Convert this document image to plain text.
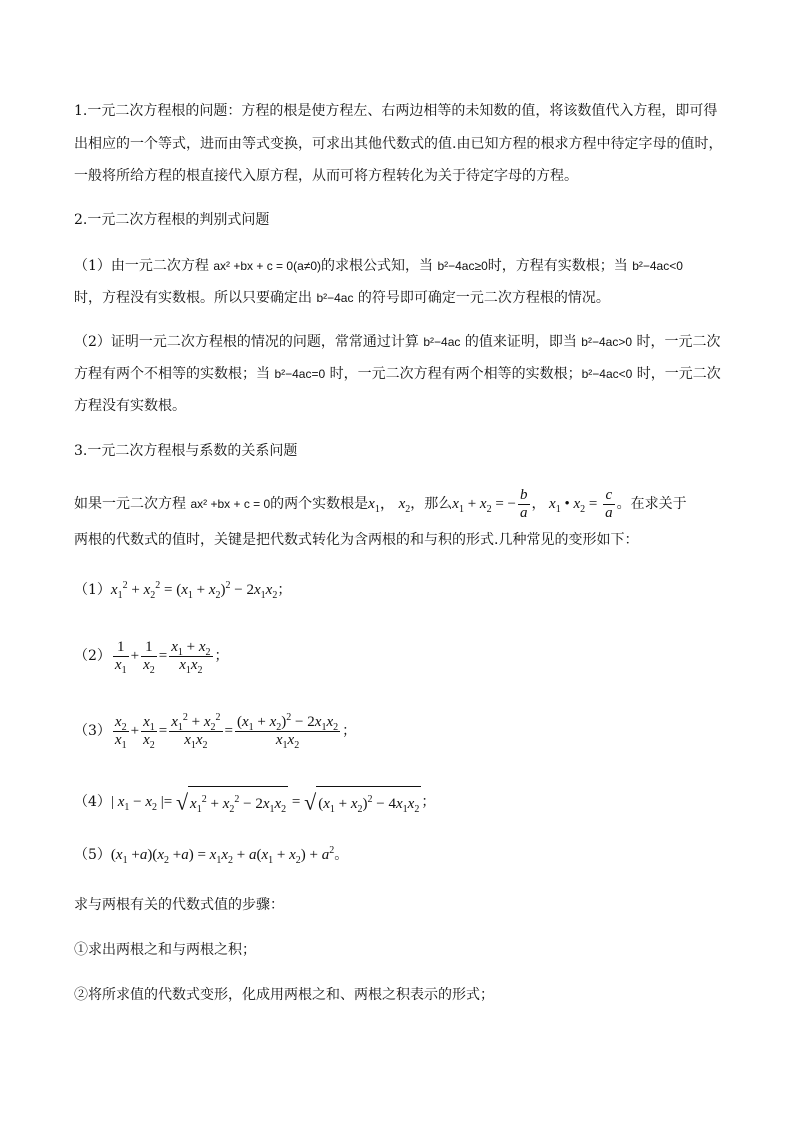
1.一元二次方程根的问题：方程的根是使方程左、右两边相等的未知数的值，将该数值代入方程，即可得
出相应的一个等式，进而由等式变换，可求出其他代数式的值.由已知方程的根求方程中待定字母的值时，
一般将所给方程的根直接代入原方程，从而可将方程转化为关于待定字母的方程。
2.一元二次方程根的判别式问题
（1）由一元二次方程 ax² +bx + c = 0(a≠0)的求根公式知，当 b²−4ac≥0时，方程有实数根；当 b²−4ac<0
时，方程没有实数根。所以只要确定出 b²−4ac 的符号即可确定一元二次方程根的情况。
（2）证明一元二次方程根的情况的问题，常常通过计算 b²−4ac 的值来证明，即当 b²−4ac>0 时，一元二次
方程有两个不相等的实数根；当 b²−4ac=0 时，一元二次方程有两个相等的实数根；b²−4ac<0 时，一元二次
方程没有实数根。
3.一元二次方程根与系数的关系问题
如果一元二次方程 ax² +bx + c = 0的两个实数根是$x_1$， $x_2$，那么$x_1 + x_2$ = − $\frac{b}{a}$ ， $x_1$ • $x_2 = \frac{c}{a}$ 。在求关于
两根的代数式的值时，关键是把代数式转化为含两根的和与积的形式.几种常见的变形如下：
$(1)x_1^2 + x_2^2 = (x_1 + x_2)^2 - 2x_1x_2$；
$(2) \frac{1}{x_1} + \frac{1}{x_2} = \frac{x_1 + x_2}{x_1x_2}$ ；
$(3) \frac{x_2}{x_1} + \frac{x_1}{x_2} = \frac{x_1^2 + x_2^2}{x_1x_2} = \frac{(x_1 + x_2)^2 - 2x_1x_2}{x_1x_2}$ ；
（4）| $x_1 - x_2$ |= √ $x_1^2 + x_2^2 - 2x_1x_2$ = √ $(x_1 + x_2)^2 - 4x_1x_2$ ；
$(5)(x_1 +a)(x_2 +a) = x_1x_2 + a(x_1 + x_2) + a^2$。
求与两根有关的代数式值的步骤：
①求出两根之和与两根之积；
②将所求值的代数式变形，化成用两根之和、两根之积表示的形式；
